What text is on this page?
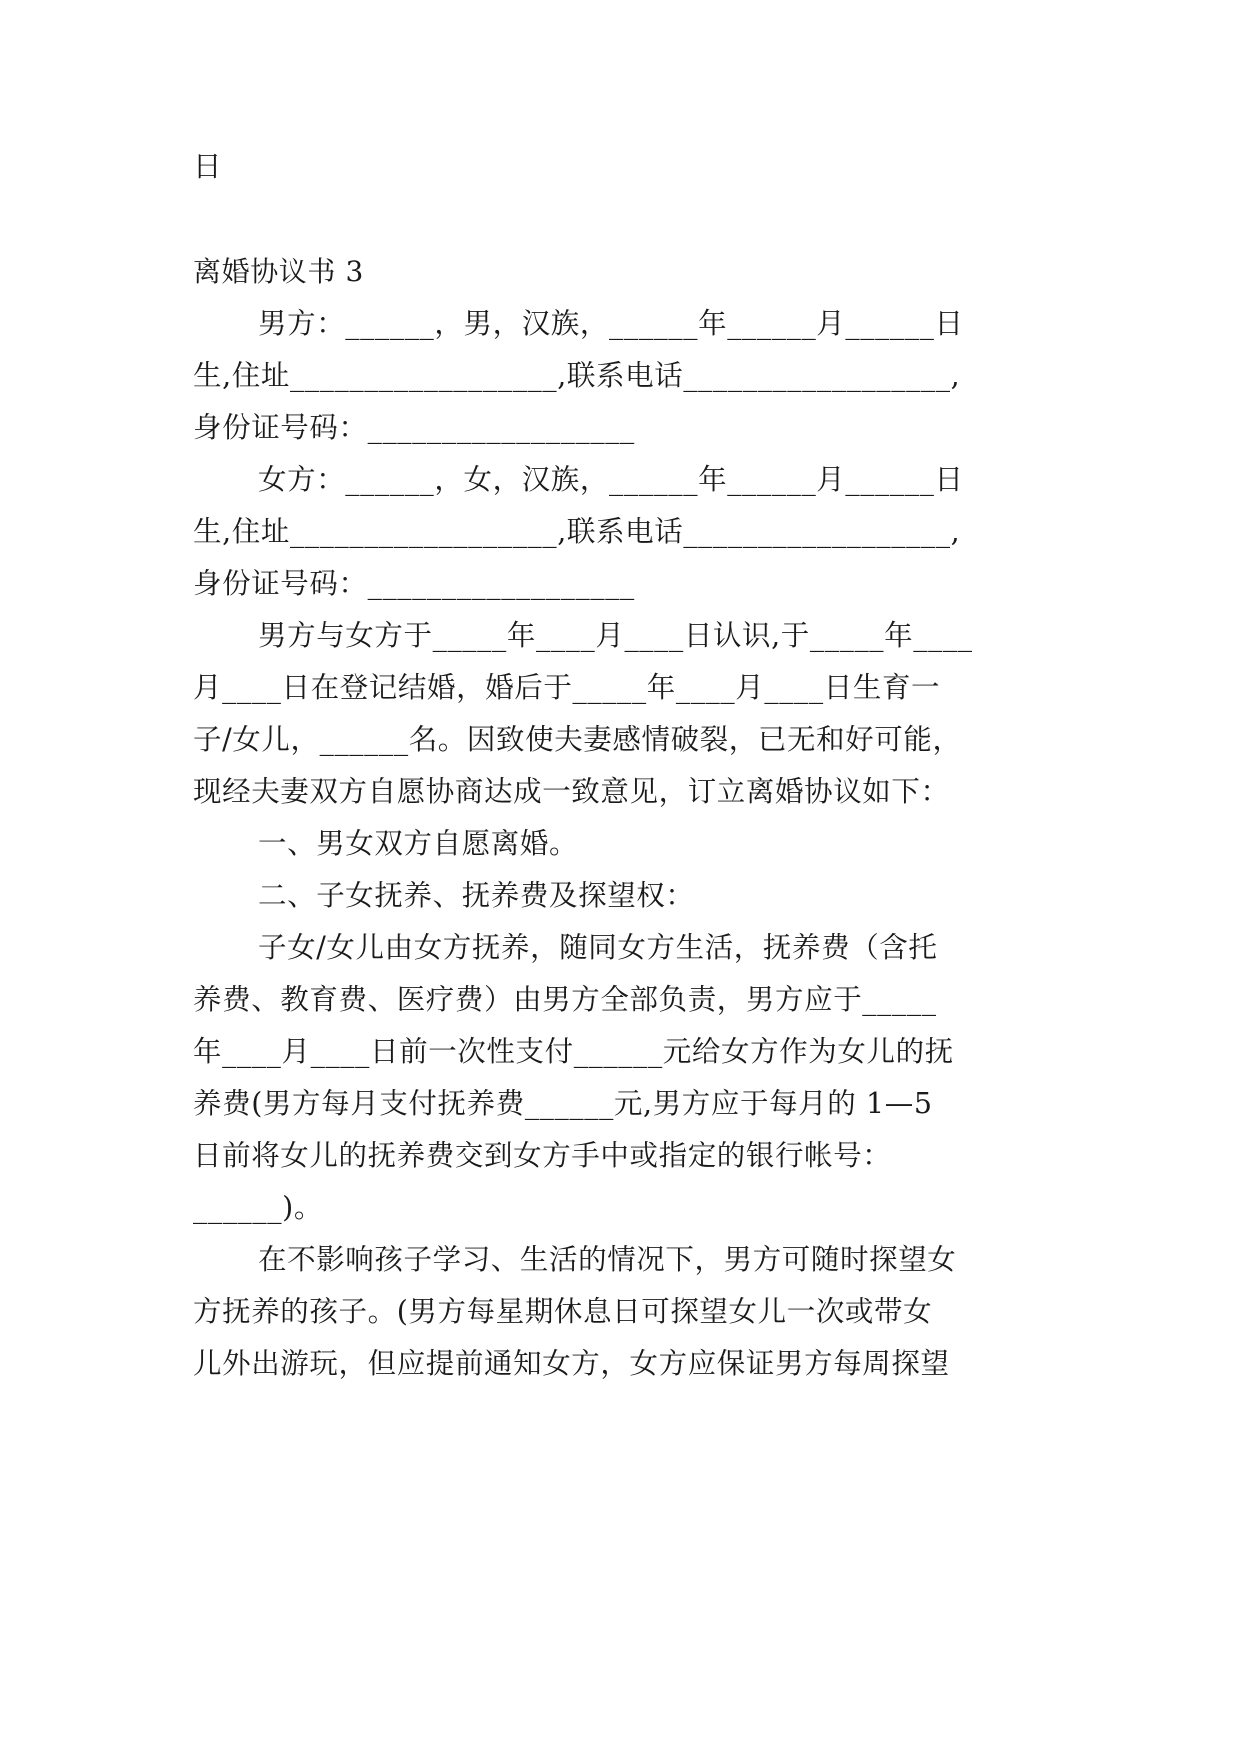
日
离婚协议书 3
男方：______，男，汉族，______年______月______日
生,住址__________________,联系电话__________________,
身份证号码：__________________
女方：______，女，汉族，______年______月______日
生,住址__________________,联系电话__________________,
身份证号码：__________________
男方与女方于_____年____月____日认识,于_____年____
月____日在登记结婚，婚后于_____年____月____日生育一
子/女儿，______名。因致使夫妻感情破裂，已无和好可能，
现经夫妻双方自愿协商达成一致意见，订立离婚协议如下：
一、男女双方自愿离婚。
二、子女抚养、抚养费及探望权：
子女/女儿由女方抚养，随同女方生活，抚养费（含托
养费、教育费、医疗费）由男方全部负责，男方应于_____
年____月____日前一次性支付______元给女方作为女儿的抚
养费(男方每月支付抚养费______元,男方应于每月的 1—5
日前将女儿的抚养费交到女方手中或指定的银行帐号：
______)。
在不影响孩子学习、生活的情况下，男方可随时探望女
方抚养的孩子。(男方每星期休息日可探望女儿一次或带女
儿外出游玩，但应提前通知女方，女方应保证男方每周探望
